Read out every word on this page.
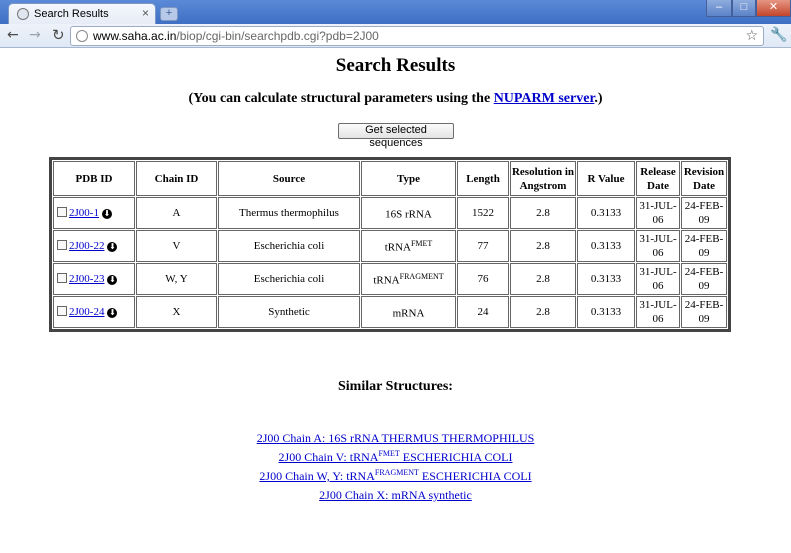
Search Results	×	+	‒	□	✕
← → ↻ www.saha.ac.in/biop/cgi-bin/searchpdb.cgi?pdb=2J00	☆ 🔧
Search Results
(You can calculate structural parameters using the NUPARM server.)
Get selected sequences
PDB ID	Chain ID	Source	Type	Length	Resolution in Angstrom	R Value	Release Date	Revision Date
2J00-1 ⬇	A	Thermus thermophilus	16S rRNA	1522	2.8	0.3133	31-JUL-06	24-FEB-09
2J00-22 ⬇	V	Escherichia coli	tRNA$^{FMET}$	77	2.8	0.3133	31-JUL-06	24-FEB-09
2J00-23 ⬇	W, Y	Escherichia coli	tRNA$^{FRAGMENT}$	76	2.8	0.3133	31-JUL-06	24-FEB-09
2J00-24 ⬇	X	Synthetic	mRNA	24	2.8	0.3133	31-JUL-06	24-FEB-09
Similar Structures:
2J00 Chain A: 16S rRNA THERMUS THERMOPHILUS
2J00 Chain V: tRNA$^{FMET}$ ESCHERICHIA COLI
2J00 Chain W, Y: tRNA$^{FRAGMENT}$ ESCHERICHIA COLI
2J00 Chain X: mRNA synthetic
